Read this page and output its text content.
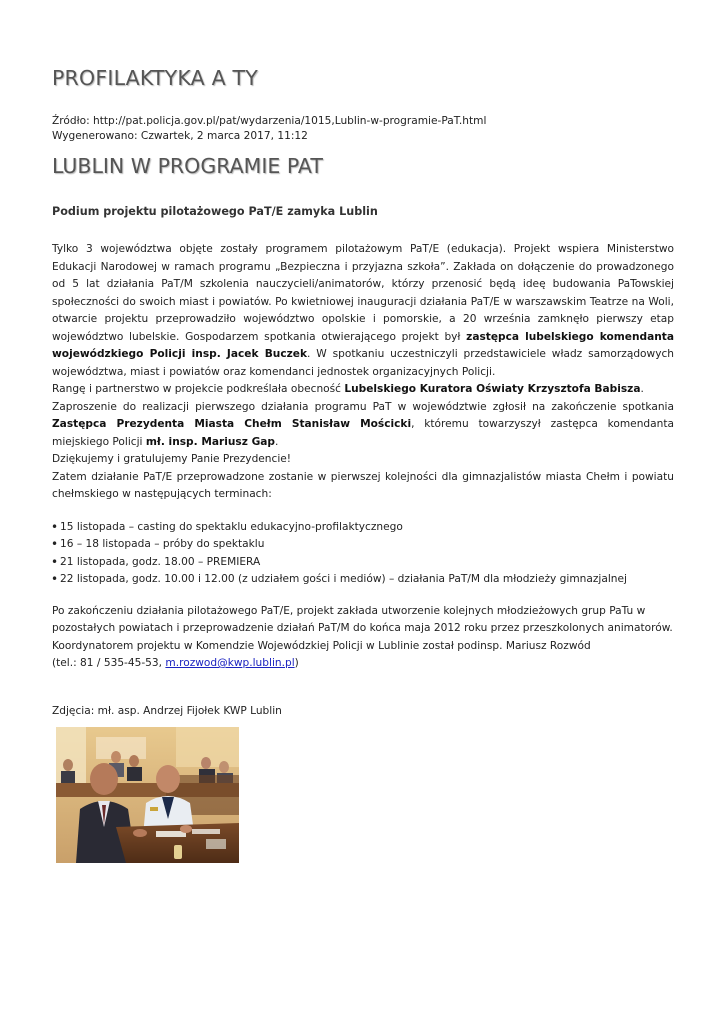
PROFILAKTYKA A TY
Źródło: http://pat.policja.gov.pl/pat/wydarzenia/1015,Lublin-w-programie-PaT.html
Wygenerowano: Czwartek, 2 marca 2017, 11:12
LUBLIN W PROGRAMIE PAT
Podium projektu pilotażowego PaT/E zamyka Lublin

Tylko 3 województwa objęte zostały programem pilotażowym PaT/E (edukacja). Projekt wspiera Ministerstwo Edukacji Narodowej w ramach programu „Bezpieczna i przyjazna szkoła”. Zakłada on dołączenie do prowadzonego od 5 lat działania PaT/M szkolenia nauczycieli/animatorów, którzy przenosić będą ideę budowania PaTowskiej społeczności do swoich miast i powiatów. Po kwietniowej inauguracji działania PaT/E w warszawskim Teatrze na Woli, otwarcie projektu przeprowadziło województwo opolskie i pomorskie, a 20 września zamknęło pierwszy etap województwo lubelskie. Gospodarzem spotkania otwierającego projekt był zastępca lubelskiego komendanta wojewódzkiego Policji insp. Jacek Buczek. W spotkaniu uczestniczyli przedstawiciele władz samorządowych województwa, miast i powiatów oraz komendanci jednostek organizacyjnych Policji.

Rangę i partnerstwo w projekcie podkreślała obecność Lubelskiego Kuratora Oświaty Krzysztofa Babisza.

Zaproszenie do realizacji pierwszego działania programu PaT w województwie zgłosił na zakończenie spotkania Zastępca Prezydenta Miasta Chełm Stanisław Mościcki, któremu towarzyszył zastępca komendanta miejskiego Policji mł. insp. Mariusz Gap.

Dziękujemy i gratulujemy Panie Prezydencie!

Zatem działanie PaT/E przeprowadzone zostanie w pierwszej kolejności dla gimnazjalistów miasta Chełm i powiatu chełmskiego w następujących terminach:

• 15 listopada – casting do spektaklu edukacyjno-profilaktycznego
• 16 – 18 listopada – próby do spektaklu
• 21 listopada, godz. 18.00 – PREMIERA
• 22 listopada, godz. 10.00 i 12.00 (z udziałem gości i mediów) – działania PaT/M dla młodzieży gimnazjalnej

Po zakończeniu działania pilotażowego PaT/E, projekt zakłada utworzenie kolejnych młodzieżowych grup PaTu w pozostałych powiatach i przeprowadzenie działań PaT/M do końca maja 2012 roku przez przeszkolonych animatorów.

Koordynatorem projektu w Komendzie Wojewódzkiej Policji w Lublinie został podinsp. Mariusz Rozwód

(tel.: 81 / 535-45-53, m.rozwod@kwp.lublin.pl)

Zdjęcia: mł. asp. Andrzej Fijołek KWP Lublin
